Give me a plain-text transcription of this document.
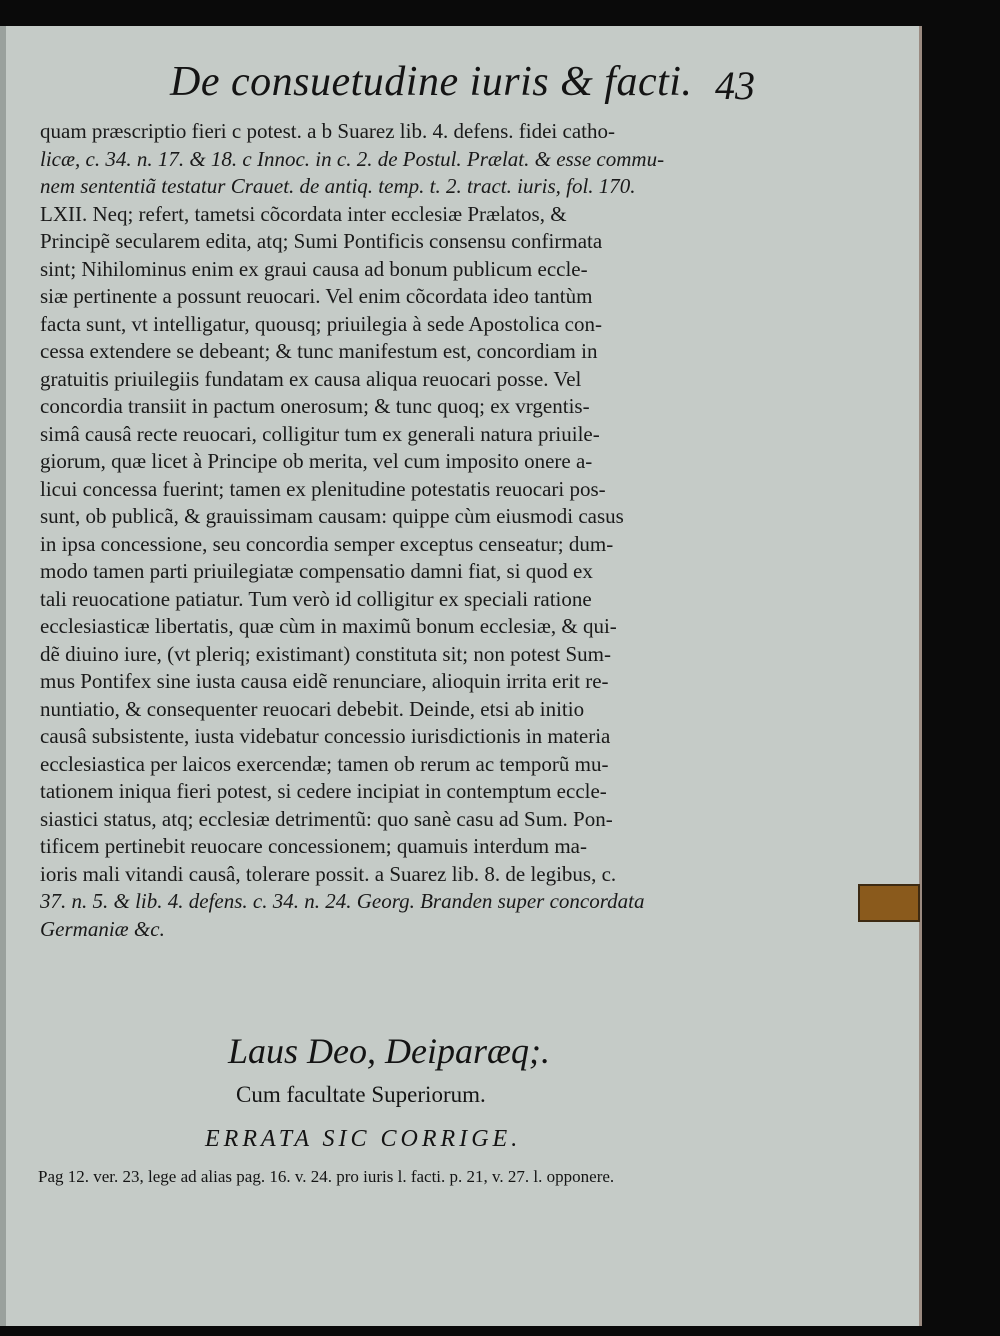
De consuetudine iuris & facti. 43
quam præscriptio fieri c potest. a b Suarez lib. 4. defens. fidei catho-
licæ, c. 34. n. 17. & 18. c Innoc. in c. 2. de Postul. Prælat. & esse commu-
nem sententiã testatur Crauet. de antiq. temp. t. 2. tract. iuris, fol. 170.
LXII. Neq; refert, tametsi cõcordata inter ecclesiæ Prælatos, &
Principẽ secularem edita, atq; Sumi Pontificis consensu confirmata
sint; Nihilominus enim ex graui causa ad bonum publicum eccle-
siæ pertinente a possunt reuocari. Vel enim cõcordata ideo tantùm
facta sunt, vt intelligatur, quousq; priuilegia à sede Apostolica con-
cessa extendere se debeant; & tunc manifestum est, concordiam in
gratuitis priuilegiis fundatam ex causa aliqua reuocari posse. Vel
concordia transiit in pactum onerosum; & tunc quoq; ex vrgentis-
simâ causâ recte reuocari, colligitur tum ex generali natura priuile-
giorum, quæ licet à Principe ob merita, vel cum imposito onere a-
licui concessa fuerint; tamen ex plenitudine potestatis reuocari pos-
sunt, ob publicã, & grauissimam causam: quippe cùm eiusmodi casus
in ipsa concessione, seu concordia semper exceptus censeatur; dum-
modo tamen parti priuilegiatæ compensatio damni fiat, si quod ex
tali reuocatione patiatur. Tum verò id colligitur ex speciali ratione
ecclesiasticæ libertatis, quæ cùm in maximũ bonum ecclesiæ, & qui-
dẽ diuino iure, (vt pleriq; existimant) constituta sit; non potest Sum-
mus Pontifex sine iusta causa eidẽ renunciare, alioquin irrita erit re-
nuntiatio, & consequenter reuocari debebit. Deinde, etsi ab initio
causâ subsistente, iusta videbatur concessio iurisdictionis in materia
ecclesiastica per laicos exercendæ; tamen ob rerum ac temporũ mu-
tationem iniqua fieri potest, si cedere incipiat in contemptum eccle-
siastici status, atq; ecclesiæ detrimentũ: quo sanè casu ad Sum. Pon-
tificem pertinebit reuocare concessionem; quamuis interdum ma-
ioris mali vitandi causâ, tolerare possit. a Suarez lib. 8. de legibus, c.
37. n. 5. & lib. 4. defens. c. 34. n. 24. Georg. Branden super concordata
Germaniæ &c.
Laus Deo, Deiparæq;.
Cum facultate Superiorum.
ERRATA SIC CORRIGE.
Pag 12. ver. 23, lege ad alias pag. 16. v. 24. pro iuris l. facti. p. 21, v. 27. l. opponere.
